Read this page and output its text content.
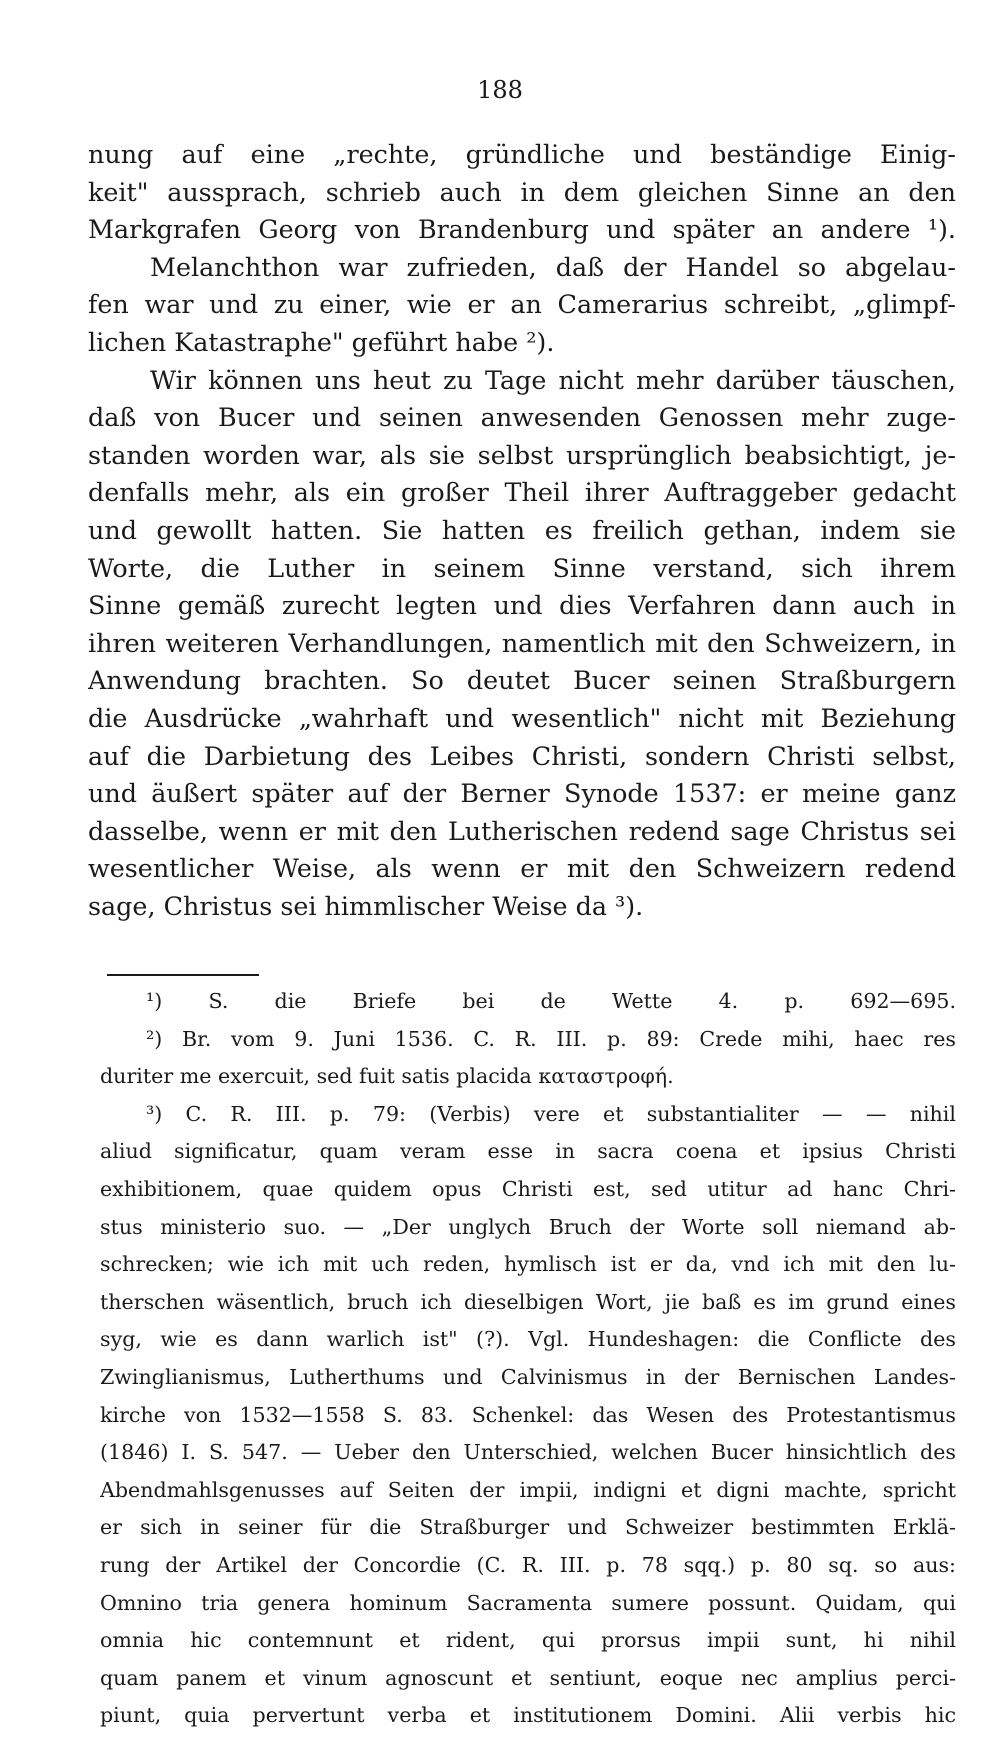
188
nung auf eine „rechte, gründliche und beständige Einig-
keit" aussprach, schrieb auch in dem gleichen Sinne an den
Markgrafen Georg von Brandenburg und später an andere ¹).
Melanchthon war zufrieden, daß der Handel so abgelau-
fen war und zu einer, wie er an Camerarius schreibt, „glimpf-
lichen Katastraphe" geführt habe ²).
Wir können uns heut zu Tage nicht mehr darüber täuschen,
daß von Bucer und seinen anwesenden Genossen mehr zuge-
standen worden war, als sie selbst ursprünglich beabsichtigt, je-
denfalls mehr, als ein großer Theil ihrer Auftraggeber gedacht
und gewollt hatten. Sie hatten es freilich gethan, indem sie
Worte, die Luther in seinem Sinne verstand, sich ihrem
Sinne gemäß zurecht legten und dies Verfahren dann auch in
ihren weiteren Verhandlungen, namentlich mit den Schweizern, in
Anwendung brachten. So deutet Bucer seinen Straßburgern
die Ausdrücke „wahrhaft und wesentlich" nicht mit Beziehung
auf die Darbietung des Leibes Christi, sondern Christi selbst,
und äußert später auf der Berner Synode 1537: er meine ganz
dasselbe, wenn er mit den Lutherischen redend sage Christus sei
wesentlicher Weise, als wenn er mit den Schweizern redend
sage, Christus sei himmlischer Weise da ³).
¹) S. die Briefe bei de Wette 4. p. 692—695.
²) Br. vom 9. Juni 1536. C. R. III. p. 89: Crede mihi, haec res
duriter me exercuit, sed fuit satis placida καταστροφή.
³) C. R. III. p. 79: (Verbis) vere et substantialiter — — nihil
aliud significatur, quam veram esse in sacra coena et ipsius Christi
exhibitionem, quae quidem opus Christi est, sed utitur ad hanc Chri-
stus ministerio suo. — „Der unglych Bruch der Worte soll niemand ab-
schrecken; wie ich mit uch reden, hymlisch ist er da, vnd ich mit den lu-
therschen wäsentlich, bruch ich dieselbigen Wort, jie baß es im grund eines
syg, wie es dann warlich ist" (?). Vgl. Hundeshagen: die Conflicte des
Zwinglianismus, Lutherthums und Calvinismus in der Bernischen Landes-
kirche von 1532—1558 S. 83. Schenkel: das Wesen des Protestantismus
(1846) I. S. 547. — Ueber den Unterschied, welchen Bucer hinsichtlich des
Abendmahlsgenusses auf Seiten der impii, indigni et digni machte, spricht
er sich in seiner für die Straßburger und Schweizer bestimmten Erklä-
rung der Artikel der Concordie (C. R. III. p. 78 sqq.) p. 80 sq. so aus:
Omnino tria genera hominum Sacramenta sumere possunt. Quidam, qui
omnia hic contemnunt et rident, qui prorsus impii sunt, hi nihil
quam panem et vinum agnoscunt et sentiunt, eoque nec amplius perci-
piunt, quia pervertunt verba et institutionem Domini. Alii verbis hic
